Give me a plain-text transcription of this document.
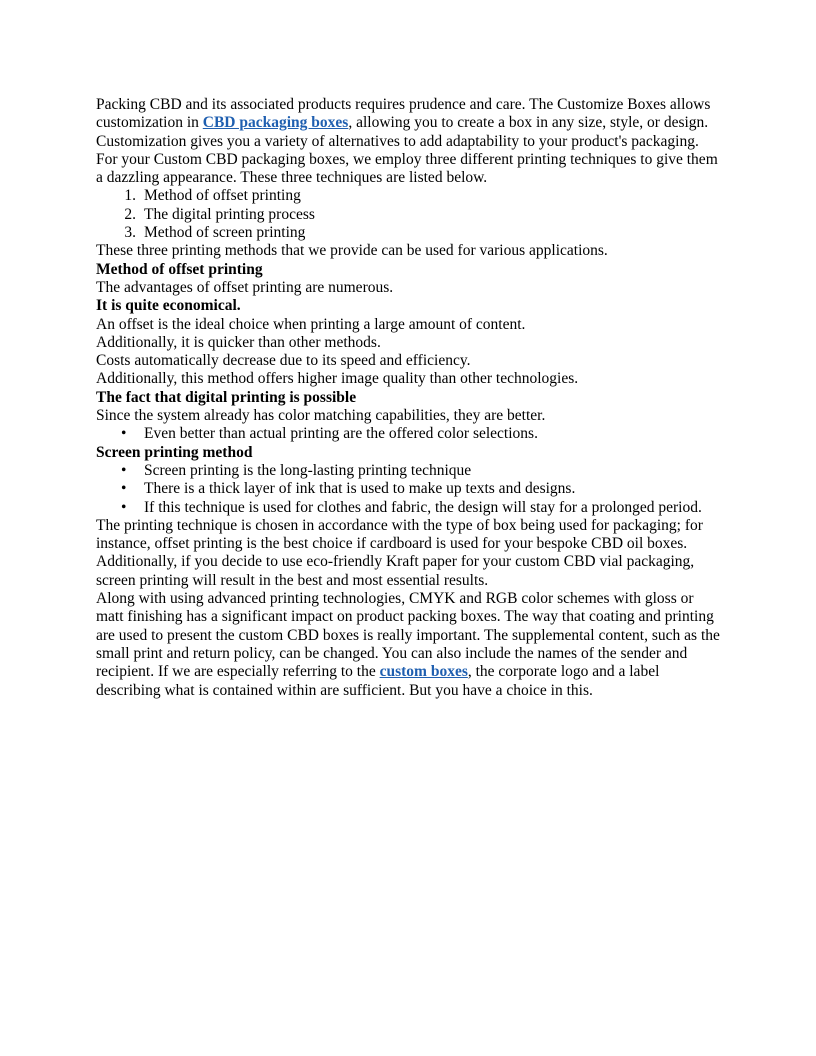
Packing CBD and its associated products requires prudence and care. The Customize Boxes allows customization in CBD packaging boxes, allowing you to create a box in any size, style, or design. Customization gives you a variety of alternatives to add adaptability to your product's packaging. For your Custom CBD packaging boxes, we employ three different printing techniques to give them a dazzling appearance. These three techniques are listed below.

1. Method of offset printing
2. The digital printing process
3. Method of screen printing

These three printing methods that we provide can be used for various applications.

Method of offset printing

The advantages of offset printing are numerous.

It is quite economical.

An offset is the ideal choice when printing a large amount of content.

Additionally, it is quicker than other methods.

Costs automatically decrease due to its speed and efficiency.

Additionally, this method offers higher image quality than other technologies.

The fact that digital printing is possible

Since the system already has color matching capabilities, they are better.

• Even better than actual printing are the offered color selections.
Screen printing method
• Screen printing is the long-lasting printing technique
• There is a thick layer of ink that is used to make up texts and designs.
• If this technique is used for clothes and fabric, the design will stay for a prolonged period.

The printing technique is chosen in accordance with the type of box being used for packaging; for instance, offset printing is the best choice if cardboard is used for your bespoke CBD oil boxes. Additionally, if you decide to use eco-friendly Kraft paper for your custom CBD vial packaging, screen printing will result in the best and most essential results.

Along with using advanced printing technologies, CMYK and RGB color schemes with gloss or matt finishing has a significant impact on product packing boxes. The way that coating and printing are used to present the custom CBD boxes is really important. The supplemental content, such as the small print and return policy, can be changed. You can also include the names of the sender and recipient. If we are especially referring to the custom boxes, the corporate logo and a label describing what is contained within are sufficient. But you have a choice in this.
